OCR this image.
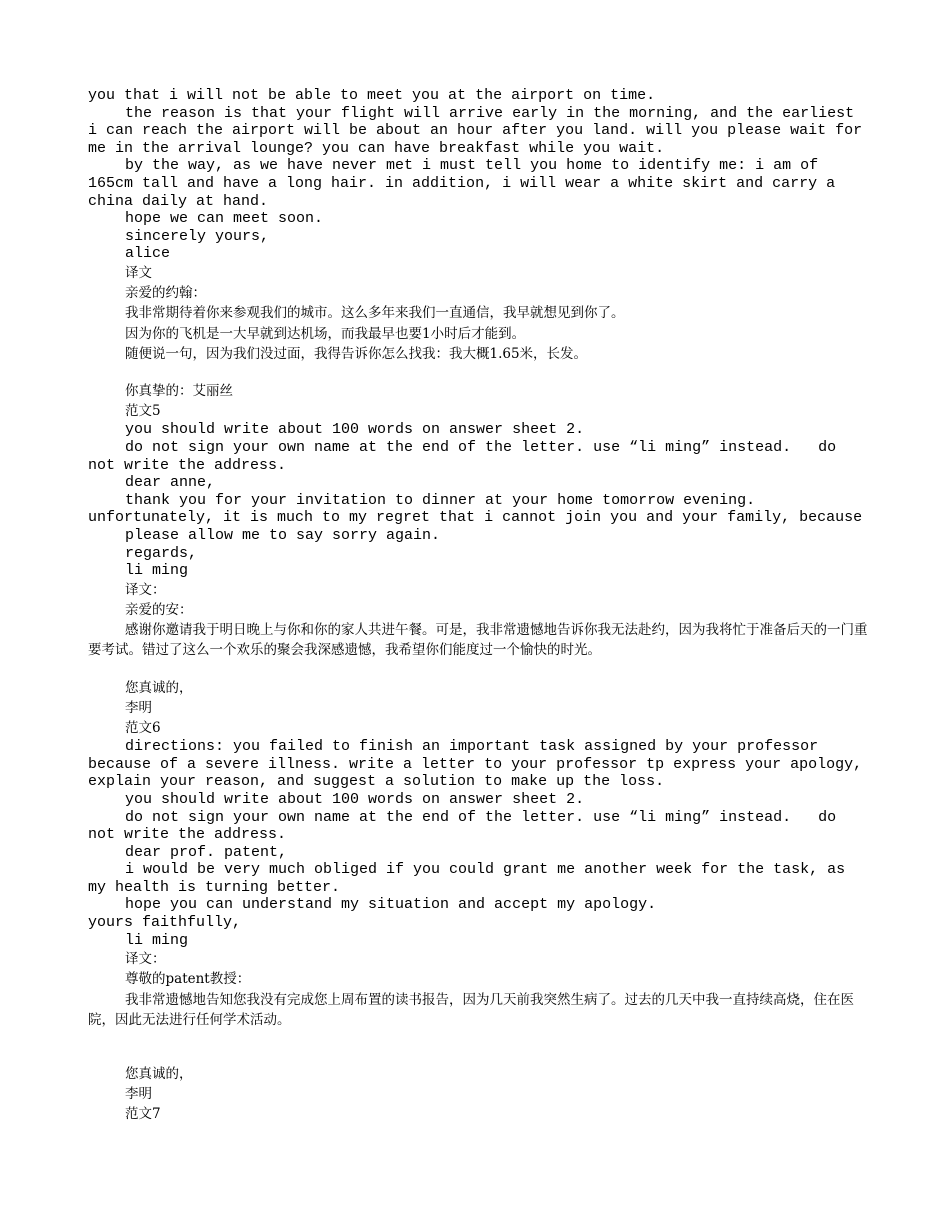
you that i will not be able to meet you at the airport on time.

the reason is that your flight will arrive early in the morning, and the earliest i can reach the airport will be about an hour after you land. will you please wait for me in the arrival lounge? you can have breakfast while you wait.

by the way, as we have never met i must tell you home to identify me: i am of 165cm tall and have a long hair. in addition, i will wear a white skirt and carry a china daily at hand.

hope we can meet soon.

sincerely yours,

alice

译文

亲爱的约翰：

我非常期待着你来参观我们的城市。这么多年来我们一直通信，我早就想见到你了。

因为你的飞机是一大早就到达机场，而我最早也要1小时后才能到。

随便说一句，因为我们没过面，我得告诉你怎么找我：我大概1.65米，长发。

你真挚的：艾丽丝

范文5

you should write about 100 words on answer sheet 2.

do not sign your own name at the end of the letter. use “li ming” instead.   do not write the address.

dear anne,

thank you for your invitation to dinner at your home tomorrow evening. unfortunately, it is much to my regret that i cannot join you and your family, because

please allow me to say sorry again.

regards,

li ming

译文：

亲爱的安：

感谢你邀请我于明日晚上与你和你的家人共进午餐。可是，我非常遗憾地告诉你我无法赴约，因为我将忙于准备后天的一门重要考试。错过了这么一个欢乐的聚会我深感遗憾，我希望你们能度过一个愉快的时光。

您真诚的，

李明

范文6

directions: you failed to finish an important task assigned by your professor because of a severe illness. write a letter to your professor tp express your apology, explain your reason, and suggest a solution to make up the loss.

you should write about 100 words on answer sheet 2.

do not sign your own name at the end of the letter. use “li ming” instead.   do not write the address.

dear prof. patent,

i would be very much obliged if you could grant me another week for the task, as my health is turning better.

hope you can understand my situation and accept my apology.

yours faithfully,

li ming

译文：

尊敬的patent教授：

我非常遗憾地告知您我没有完成您上周布置的读书报告，因为几天前我突然生病了。过去的几天中我一直持续高烧，住在医院，因此无法进行任何学术活动。

您真诚的，

李明

范文7
